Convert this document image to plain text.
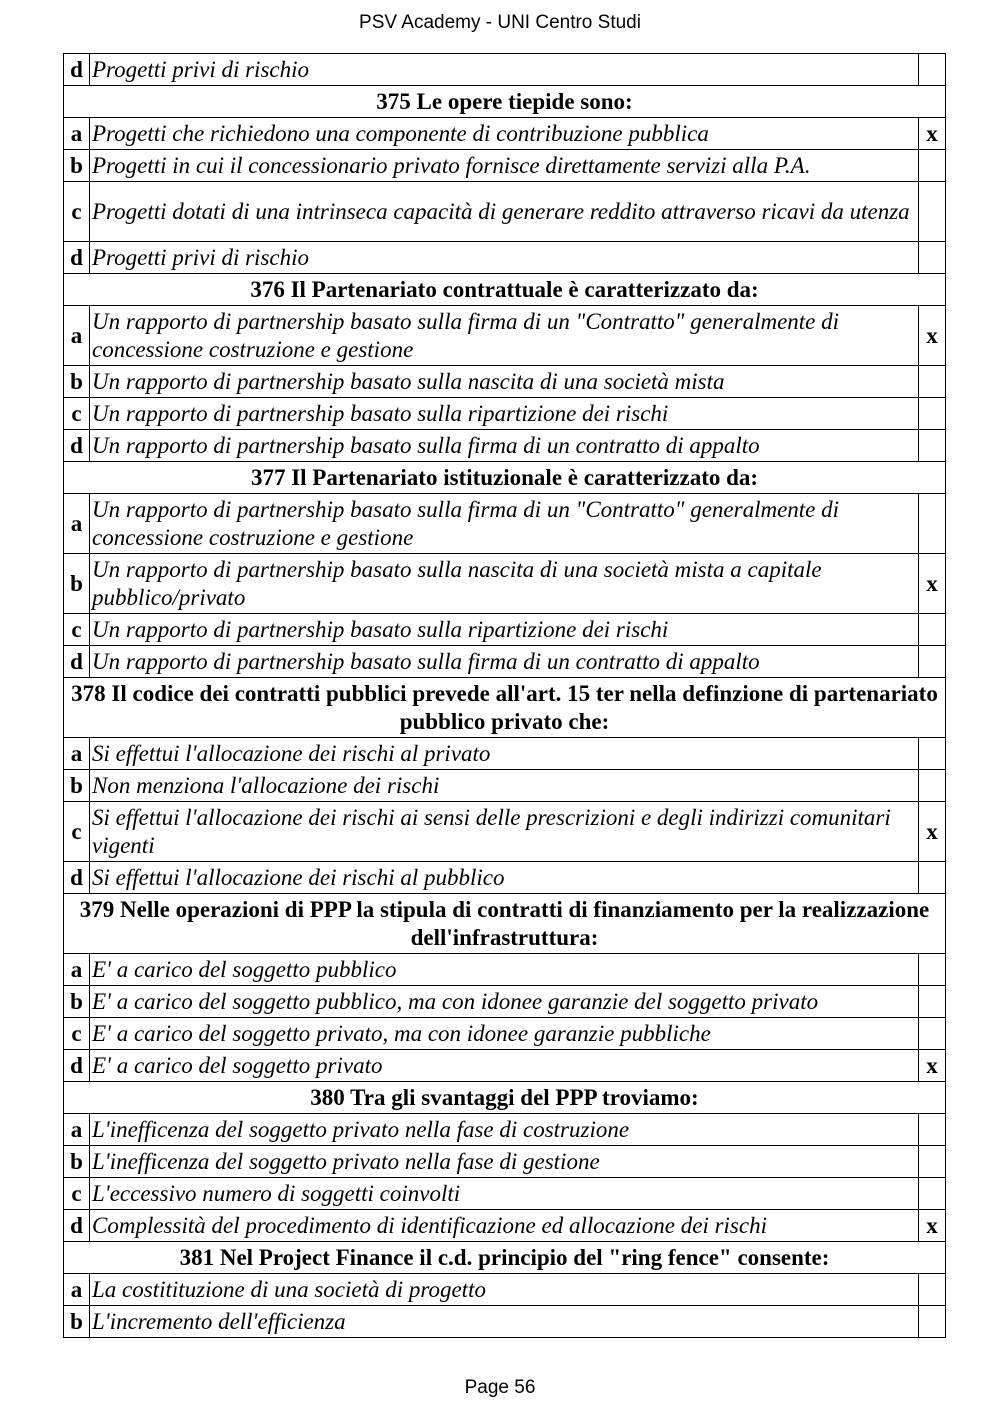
PSV Academy - UNI Centro Studi
d	Progetti privi di rischio	
375 Le opere tiepide sono:		
a	Progetti che richiedono una componente di contribuzione pubblica	x
b	Progetti in cui il concessionario privato fornisce direttamente servizi alla P.A.	
c	Progetti dotati di una intrinseca capacità di generare reddito attraverso ricavi da utenza	
d	Progetti privi di rischio	
376 Il Partenariato contrattuale è caratterizzato da:		
a	Un rapporto di partnership basato sulla firma di un "Contratto" generalmente di concessione costruzione e gestione	x
b	Un rapporto di partnership basato sulla nascita di una società mista	
c	Un rapporto di partnership basato sulla ripartizione dei rischi	
d	Un rapporto di partnership basato sulla firma di un contratto di appalto	
377 Il Partenariato istituzionale è caratterizzato da:		
a	Un rapporto di partnership basato sulla firma di un "Contratto" generalmente di concessione costruzione e gestione	
b	Un rapporto di partnership basato sulla nascita di una società mista a capitale pubblico/privato	x
c	Un rapporto di partnership basato sulla ripartizione dei rischi	
d	Un rapporto di partnership basato sulla firma di un contratto di appalto	
378 Il codice dei contratti pubblici prevede all'art. 15 ter nella definzione di partenariato pubblico privato che:		
a	Si effettui l'allocazione dei rischi al privato	
b	Non menziona l'allocazione dei rischi	
c	Si effettui l'allocazione dei rischi ai sensi delle prescrizioni e degli indirizzi comunitari vigenti	x
d	Si effettui l'allocazione dei rischi al pubblico	
379 Nelle operazioni di PPP la stipula di contratti di finanziamento per la realizzazione dell'infrastruttura:		
a	E' a carico del soggetto pubblico	
b	E' a carico del soggetto pubblico, ma con idonee garanzie del soggetto privato	
c	E' a carico del soggetto privato, ma con idonee garanzie pubbliche	
d	E' a carico del soggetto privato	x
380 Tra gli svantaggi del PPP troviamo:		
a	L'inefficenza del soggetto privato nella fase di costruzione	
b	L'inefficenza del soggetto privato nella fase di gestione	
c	L'eccessivo numero di soggetti coinvolti	
d	Complessità del procedimento di identificazione ed allocazione dei rischi	x
381 Nel Project Finance il c.d. principio del "ring fence" consente:		
a	La costitituzione di una società di progetto	
b	L'incremento dell'efficienza	
Page 56
